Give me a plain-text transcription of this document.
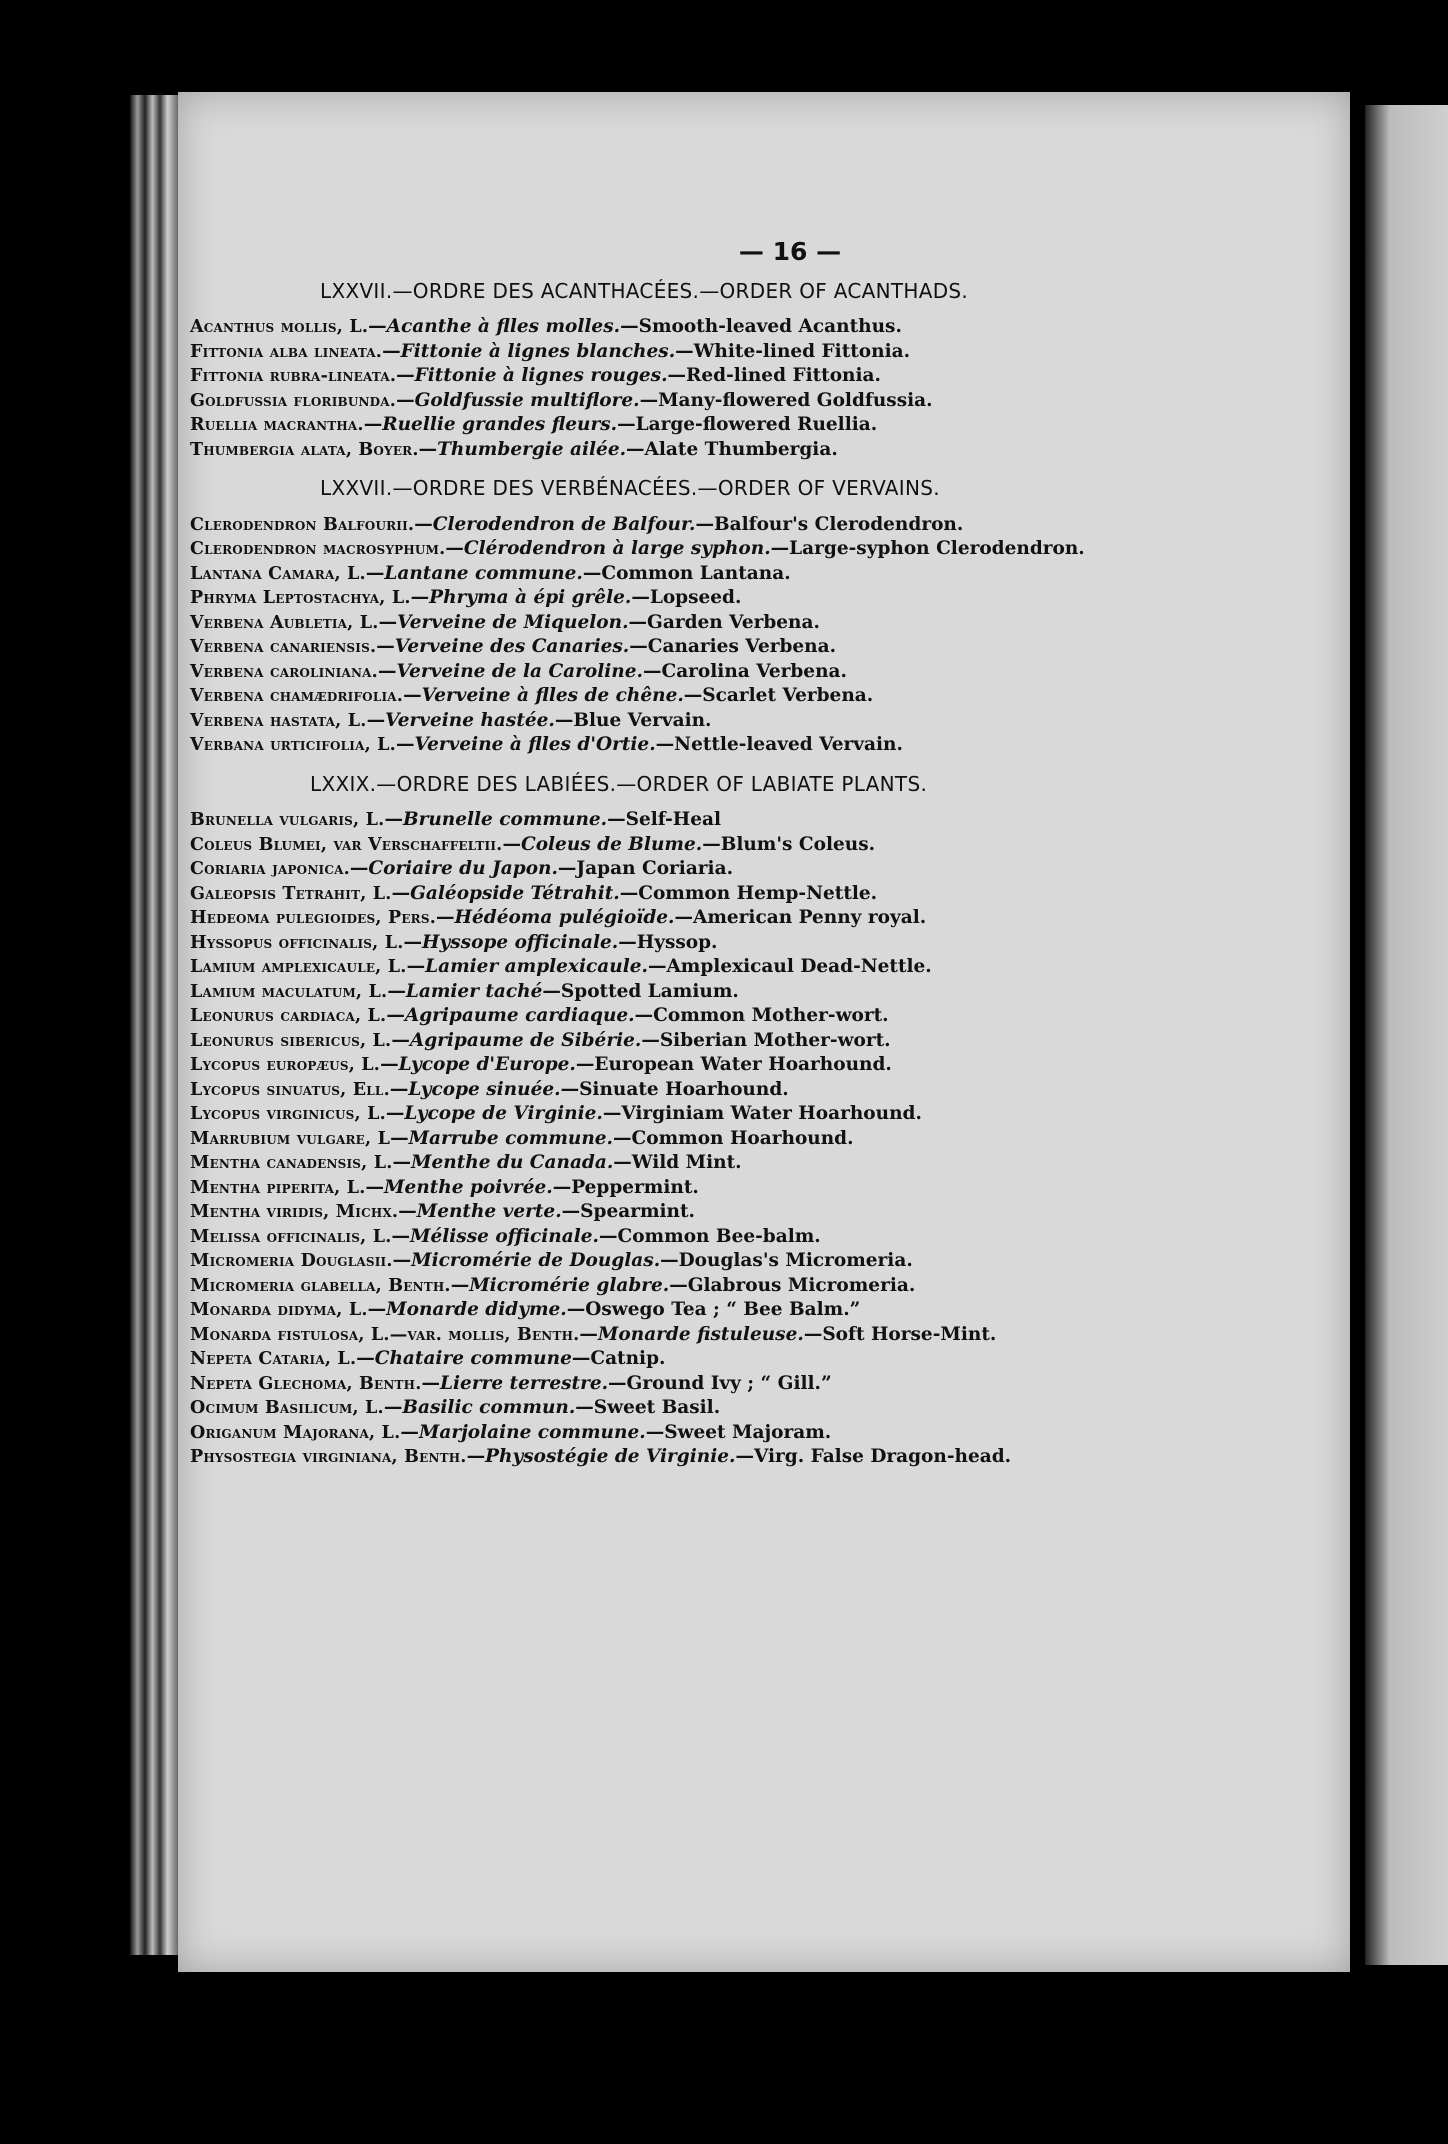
— 16 —
LXXVII.—ORDRE DES ACANTHACÉES.—ORDER OF ACANTHADS.
Acanthus mollis, L.—Acanthe à flles molles.—Smooth-leaved Acanthus.
Fittonia alba lineata.—Fittonie à lignes blanches.—White-lined Fittonia.
Fittonia rubra-lineata.—Fittonie à lignes rouges.—Red-lined Fittonia.
Goldfussia floribunda.—Goldfussie multiflore.—Many-flowered Goldfussia.
Ruellia macrantha.—Ruellie grandes fleurs.—Large-flowered Ruellia.
Thumbergia alata, Boyer.—Thumbergie ailée.—Alate Thumbergia.
LXXVII.—ORDRE DES VERBÉNACÉES.—ORDER OF VERVAINS.
Clerodendron Balfourii.—Clerodendron de Balfour.—Balfour's Clerodendron.
Clerodendron macrosyphum.—Clérodendron à large syphon.—Large-syphon Clerodendron.
Lantana Camara, L.—Lantane commune.—Common Lantana.
Phryma Leptostachya, L.—Phryma à épi grêle.—Lopseed.
Verbena Aubletia, L.—Verveine de Miquelon.—Garden Verbena.
Verbena canariensis.—Verveine des Canaries.—Canaries Verbena.
Verbena caroliniana.—Verveine de la Caroline.—Carolina Verbena.
Verbena chamædrifolia.—Verveine à flles de chêne.—Scarlet Verbena.
Verbena hastata, L.—Verveine hastée.—Blue Vervain.
Verbana urticifolia, L.—Verveine à flles d'Ortie.—Nettle-leaved Vervain.
LXXIX.—ORDRE DES LABIÉES.—ORDER OF LABIATE PLANTS.
Brunella vulgaris, L.—Brunelle commune.—Self-Heal
Coleus Blumei, var Verschaffeltii.—Coleus de Blume.—Blum's Coleus.
Coriaria japonica.—Coriaire du Japon.—Japan Coriaria.
Galeopsis Tetrahit, L.—Galéopside Tétrahit.—Common Hemp-Nettle.
Hedeoma pulegioides, Pers.—Hédéoma pulégioïde.—American Penny royal.
Hyssopus officinalis, L.—Hyssope officinale.—Hyssop.
Lamium amplexicaule, L.—Lamier amplexicaule.—Amplexicaul Dead-Nettle.
Lamium maculatum, L.—Lamier taché—Spotted Lamium.
Leonurus cardiaca, L.—Agripaume cardiaque.—Common Mother-wort.
Leonurus sibericus, L.—Agripaume de Sibérie.—Siberian Mother-wort.
Lycopus europæus, L.—Lycope d'Europe.—European Water Hoarhound.
Lycopus sinuatus, Ell.—Lycope sinuée.—Sinuate Hoarhound.
Lycopus virginicus, L.—Lycope de Virginie.—Virginiam Water Hoarhound.
Marrubium vulgare, L—Marrube commune.—Common Hoarhound.
Mentha canadensis, L.—Menthe du Canada.—Wild Mint.
Mentha piperita, L.—Menthe poivrée.—Peppermint.
Mentha viridis, Michx.—Menthe verte.—Spearmint.
Melissa officinalis, L.—Mélisse officinale.—Common Bee-balm.
Micromeria Douglasii.—Micromérie de Douglas.—Douglas's Micromeria.
Micromeria glabella, Benth.—Micromérie glabre.—Glabrous Micromeria.
Monarda didyma, L.—Monarde didyme.—Oswego Tea ; “ Bee Balm.”
Monarda fistulosa, L.—var. mollis, Benth.—Monarde fistuleuse.—Soft Horse-Mint.
Nepeta Cataria, L.—Chataire commune—Catnip.
Nepeta Glechoma, Benth.—Lierre terrestre.—Ground Ivy ; “ Gill.”
Ocimum Basilicum, L.—Basilic commun.—Sweet Basil.
Origanum Majorana, L.—Marjolaine commune.—Sweet Majoram.
Physostegia virginiana, Benth.—Physostégie de Virginie.—Virg. False Dragon-head.
